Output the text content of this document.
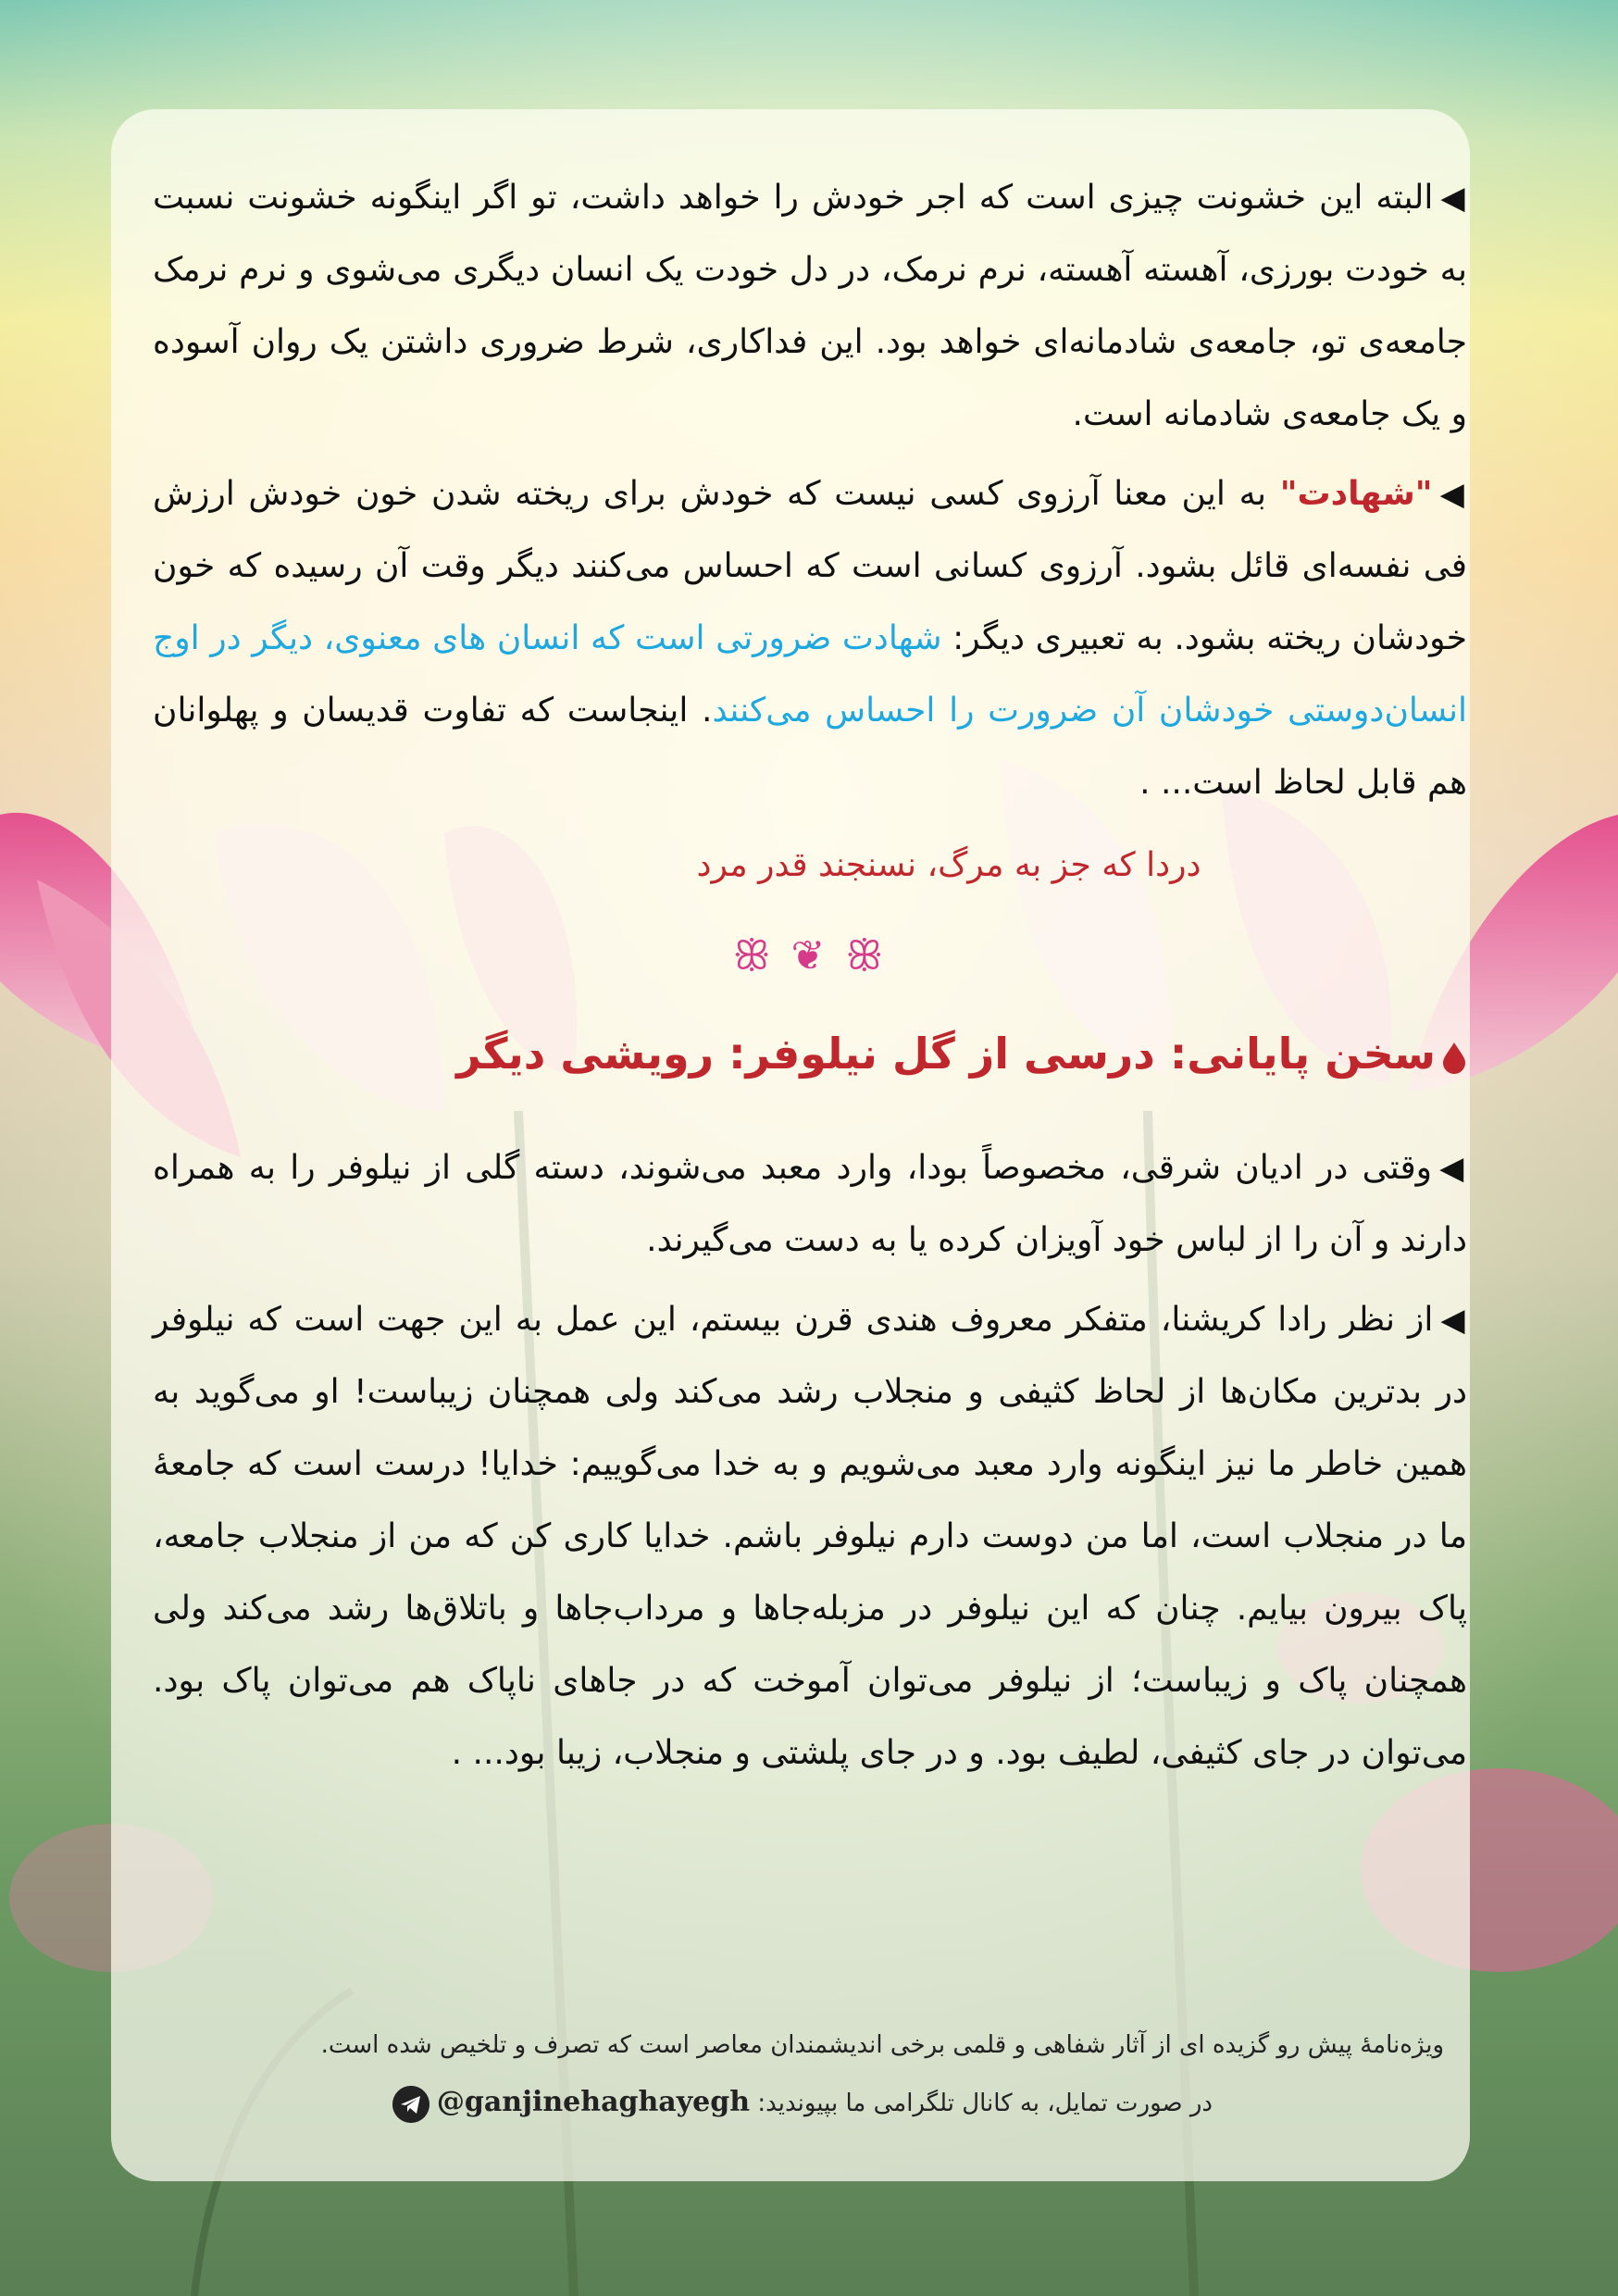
◀البته این خشونت چیزی است که اجر خودش را خواهد داشت، تو اگر اینگونه خشونت نسبت به خودت بورزی، آهسته آهسته، نرم نرمک، در دل خودت یک انسان دیگری می‌شوی و نرم نرمک جامعه‌ی تو، جامعه‌ی شادمانه‌ای خواهد بود. این فداکاری، شرط ضروری داشتن یک روان آسوده و یک جامعه‌ی شادمانه است.

◀"شهادت" به این معنا آرزوی کسی نیست که خودش برای ریخته شدن خون خودش ارزش فی نفسه‌ای قائل بشود. آرزوی کسانی است که احساس می‌کنند دیگر وقت آن رسیده که خون خودشان ریخته بشود. به تعبیری دیگر: شهادت ضرورتی است که انسان های معنوی، دیگر در اوج انسان‌دوستی خودشان آن ضرورت را احساس می‌کنند. اینجاست که تفاوت قدیسان و پهلوانان هم قابل لحاظ است... .

دردا که جز به مرگ، نسنجند قدر مرد
ꕥ ❦ ꕥ
سخن پایانی: درسی از گل نیلوفر: رویشی دیگر

◀وقتی در ادیان شرقی، مخصوصاً بودا، وارد معبد می‌شوند، دسته گلی از نیلوفر را به همراه دارند و آن را از لباس خود آویزان کرده یا به دست می‌گیرند.

◀از نظر رادا کریشنا، متفکر معروف هندی قرن بیستم، این عمل به این جهت است که نیلوفر در بدترین مکان‌ها از لحاظ کثیفی و منجلاب رشد می‌کند ولی همچنان زیباست! او می‌گوید به همین خاطر ما نیز اینگونه وارد معبد می‌شویم و به خدا می‌گوییم: خدایا! درست است که جامعهٔ ما در منجلاب است، اما من دوست دارم نیلوفر باشم. خدایا کاری کن که من از منجلاب جامعه، پاک بیرون بیایم. چنان که این نیلوفر در مزبله‌جاها و مرداب‌جاها و باتلاق‌ها رشد می‌کند ولی همچنان پاک و زیباست؛ از نیلوفر می‌توان آموخت که در جاهای ناپاک هم می‌توان پاک بود. می‌توان در جای کثیفی، لطیف بود. و در جای پلشتی و منجلاب، زیبا بود... .

ویژه‌نامهٔ پیش رو گزیده ای از آثار شفاهی و قلمی برخی اندیشمندان معاصر است که تصرف و تلخیص شده است.

در صورت تمایل، به کانال تلگرامی ما بپیوندید: @ganjinehaghayegh
